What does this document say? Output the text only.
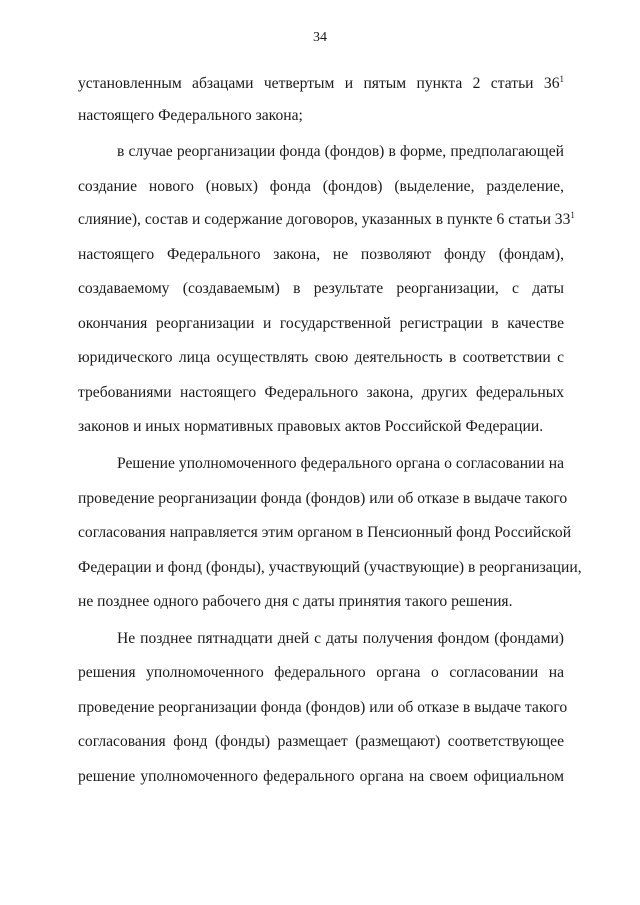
34
установленным абзацами четвертым и пятым пункта 2 статьи $36^1$
настоящего Федерального закона;
в случае реорганизации фонда (фондов) в форме, предполагающей
создание нового (новых) фонда (фондов) (выделение, разделение,
слияние), состав и содержание договоров, указанных в пункте 6 статьи $33^1$
настоящего Федерального закона, не позволяют фонду (фондам),
создаваемому (создаваемым) в результате реорганизации, с даты
окончания реорганизации и государственной регистрации в качестве
юридического лица осуществлять свою деятельность в соответствии с
требованиями настоящего Федерального закона, других федеральных
законов и иных нормативных правовых актов Российской Федерации.
Решение уполномоченного федерального органа о согласовании на
проведение реорганизации фонда (фондов) или об отказе в выдаче такого
согласования направляется этим органом в Пенсионный фонд Российской
Федерации и фонд (фонды), участвующий (участвующие) в реорганизации,
не позднее одного рабочего дня с даты принятия такого решения.
Не позднее пятнадцати дней с даты получения фондом (фондами)
решения уполномоченного федерального органа о согласовании на
проведение реорганизации фонда (фондов) или об отказе в выдаче такого
согласования фонд (фонды) размещает (размещают) соответствующее
решение уполномоченного федерального органа на своем официальном
